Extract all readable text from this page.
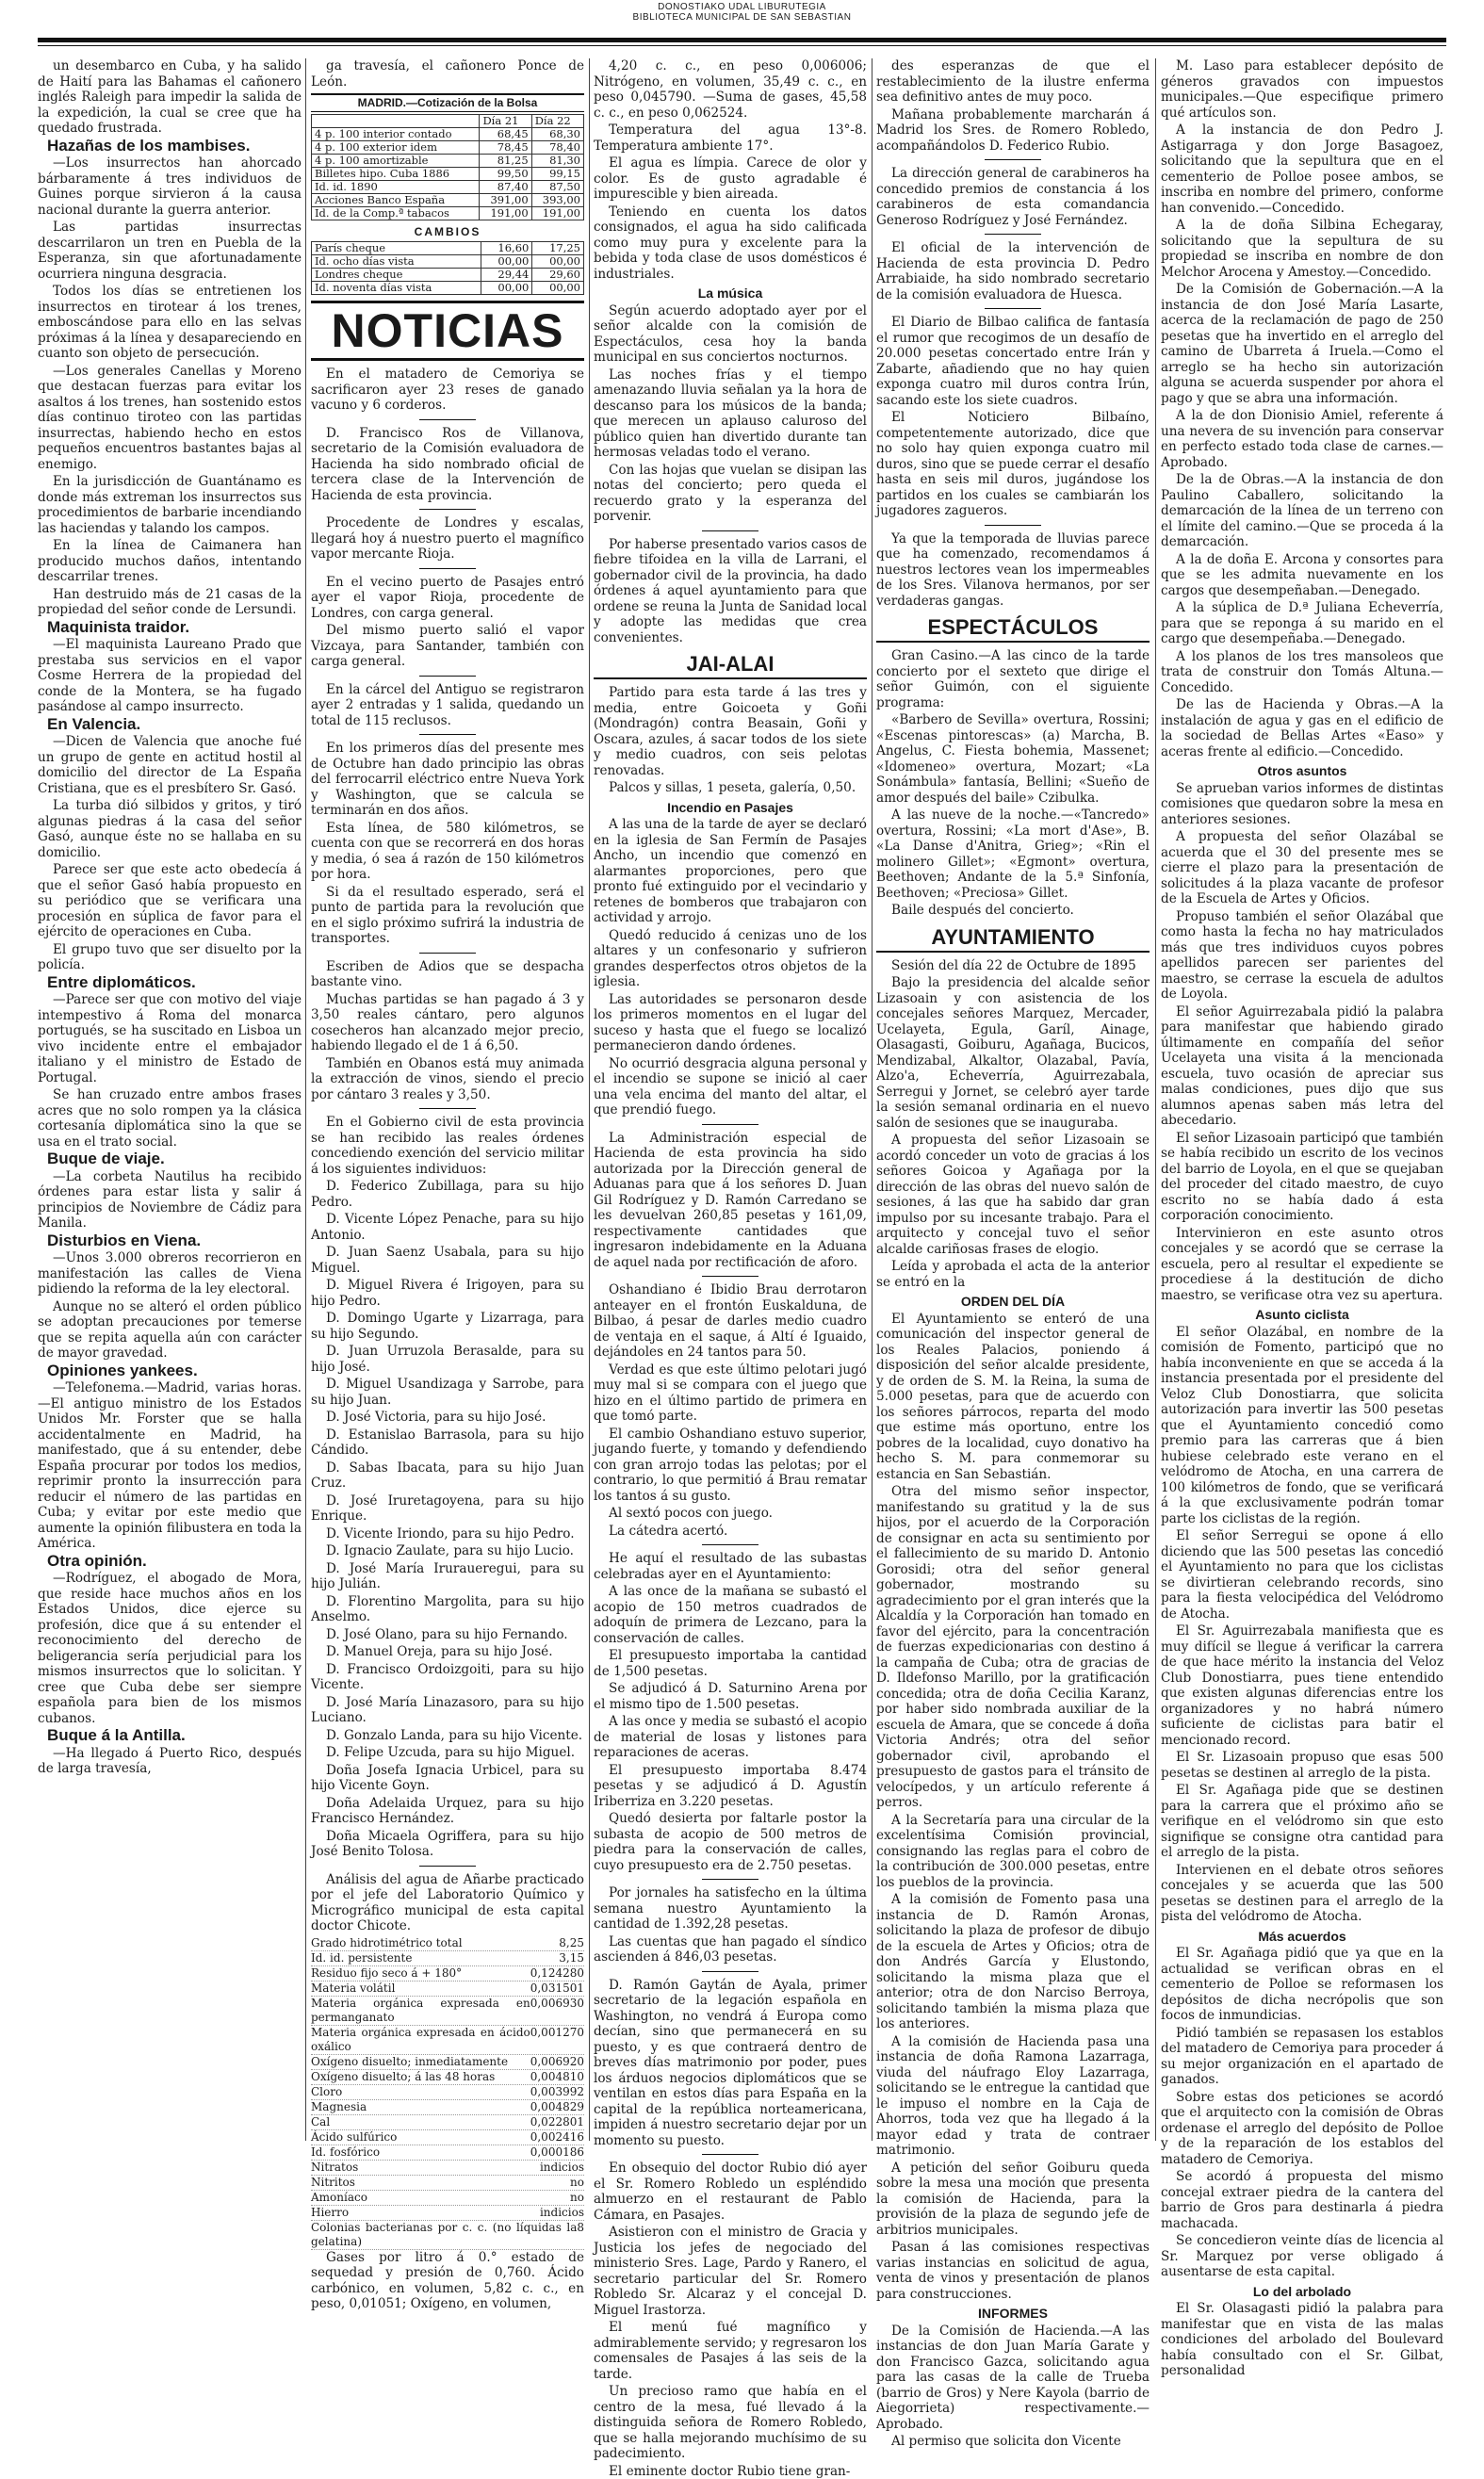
DONOSTIAKO UDAL LIBURUTEGIA
BIBLIOTECA MUNICIPAL DE SAN SEBASTIAN

un desembarco en Cuba, y ha salido de Haití para las Bahamas el cañonero inglés Raleigh para impedir la salida de la expedición, la cual se cree que ha quedado frustrada.

Hazañas de los mambises.

—Los insurrectos han ahorcado bárbaramente á tres individuos de Guines porque sirvieron á la causa nacional durante la guerra anterior.

Las partidas insurrectas descarrilaron un tren en Puebla de la Esperanza, sin que afortunadamente ocurriera ninguna desgracia.

Todos los días se entretienen los insurrectos en tirotear á los trenes, emboscándose para ello en las selvas próximas á la línea y desapareciendo en cuanto son objeto de persecución.

—Los generales Canellas y Moreno que destacan fuerzas para evitar los asaltos á los trenes, han sostenido estos días continuo tiroteo con las partidas insurrectas, habiendo hecho en estos pequeños encuentros bastantes bajas al enemigo.

En la jurisdicción de Guantánamo es donde más extreman los insurrectos sus procedimientos de barbarie incendiando las haciendas y talando los campos.

En la línea de Caimanera han producido muchos daños, intentando descarrilar trenes.

Han destruido más de 21 casas de la propiedad del señor conde de Lersundi.

Maquinista traidor.

—El maquinista Laureano Prado que prestaba sus servicios en el vapor Cosme Herrera de la propiedad del conde de la Montera, se ha fugado pasándose al campo insurrecto.

En Valencia.

—Dicen de Valencia que anoche fué un grupo de gente en actitud hostil al domicilio del director de La España Cristiana, que es el presbítero Sr. Gasó.

La turba dió silbidos y gritos, y tiró algunas piedras á la casa del señor Gasó, aunque éste no se hallaba en su domicilio.

Parece ser que este acto obedecía á que el señor Gasó había propuesto en su periódico que se verificara una procesión en súplica de favor para el ejército de operaciones en Cuba.

El grupo tuvo que ser disuelto por la policía.

Entre diplomáticos.

—Parece ser que con motivo del viaje intempestivo á Roma del monarca portugués, se ha suscitado en Lisboa un vivo incidente entre el embajador italiano y el ministro de Estado de Portugal.

Se han cruzado entre ambos frases acres que no solo rompen ya la clásica cortesanía diplomática sino la que se usa en el trato social.

Buque de viaje.

—La corbeta Nautilus ha recibido órdenes para estar lista y salir á principios de Noviembre de Cádiz para Manila.

Disturbios en Viena.

—Unos 3.000 obreros recorrieron en manifestación las calles de Viena pidiendo la reforma de la ley electoral.

Aunque no se alteró el orden público se adoptan precauciones por temerse que se repita aquella aún con carácter de mayor gravedad.

Opiniones yankees.

—Telefonema.—Madrid, varias horas.—El antiguo ministro de los Estados Unidos Mr. Forster que se halla accidentalmente en Madrid, ha manifestado, que á su entender, debe España procurar por todos los medios, reprimir pronto la insurrección para reducir el número de las partidas en Cuba; y evitar por este medio que aumente la opinión filibustera en toda la América.

Otra opinión.

—Rodríguez, el abogado de Mora, que reside hace muchos años en los Estados Unidos, dice ejerce su profesión, dice que á su entender el reconocimiento del derecho de beligerancia sería perjudicial para los mismos insurrectos que lo solicitan. Y cree que Cuba debe ser siempre española para bien de los mismos cubanos.

Buque á la Antilla.

—Ha llegado á Puerto Rico, después de larga travesía,

ga travesía, el cañonero Ponce de León.

MADRID.—Cotización de la Bolsa
	Día 21	Día 22
4 p. 100 interior contado	68,45	68,30
4 p. 100 exterior idem	78,45	78,40
4 p. 100 amortizable	81,25	81,30
Billetes hipo. Cuba 1886	99,50	99,15
Id. id. 1890	87,40	87,50
Acciones Banco España	391,00	393,00
Id. de la Comp.ª tabacos	191,00	191,00
CAMBIOS
París cheque	16,60	17,25
Id. ocho días vista	00,00	00,00
Londres cheque	29,44	29,60
Id. noventa días vista	00,00	00,00
NOTICIAS

En el matadero de Cemoriya se sacrificaron ayer 23 reses de ganado vacuno y 6 corderos.

D. Francisco Ros de Villanova, secretario de la Comisión evaluadora de Hacienda ha sido nombrado oficial de tercera clase de la Intervención de Hacienda de esta provincia.

Procedente de Londres y escalas, llegará hoy á nuestro puerto el magnífico vapor mercante Rioja.

En el vecino puerto de Pasajes entró ayer el vapor Rioja, procedente de Londres, con carga general.

Del mismo puerto salió el vapor Vizcaya, para Santander, también con carga general.

En la cárcel del Antiguo se registraron ayer 2 entradas y 1 salida, quedando un total de 115 reclusos.

En los primeros días del presente mes de Octubre han dado principio las obras del ferrocarril eléctrico entre Nueva York y Washington, que se calcula se terminarán en dos años.

Esta línea, de 580 kilómetros, se cuenta con que se recorrerá en dos horas y media, ó sea á razón de 150 kilómetros por hora.

Si da el resultado esperado, será el punto de partida para la revolución que en el siglo próximo sufrirá la industria de transportes.

Escriben de Adios que se despacha bastante vino.

Muchas partidas se han pagado á 3 y 3,50 reales cántaro, pero algunos cosecheros han alcanzado mejor precio, habiendo llegado el de 1 á 6,50.

También en Obanos está muy animada la extracción de vinos, siendo el precio por cántaro 3 reales y 3,50.

En el Gobierno civil de esta provincia se han recibido las reales órdenes concediendo exención del servicio militar á los siguientes individuos:

D. Federico Zubillaga, para su hijo Pedro.

D. Vicente López Penache, para su hijo Antonio.

D. Juan Saenz Usabala, para su hijo Miguel.

D. Miguel Rivera é Irigoyen, para su hijo Pedro.

D. Domingo Ugarte y Lizarraga, para su hijo Segundo.

D. Juan Urruzola Berasalde, para su hijo José.

D. Miguel Usandizaga y Sarrobe, para su hijo Juan.

D. José Victoria, para su hijo José.

D. Estanislao Barrasola, para su hijo Cándido.

D. Sabas Ibacata, para su hijo Juan Cruz.

D. José Iruretagoyena, para su hijo Enrique.

D. Vicente Iriondo, para su hijo Pedro.

D. Ignacio Zaulate, para su hijo Lucio.

D. José María Iruraueregui, para su hijo Julián.

D. Florentino Margolita, para su hijo Anselmo.

D. José Olano, para su hijo Fernando.

D. Manuel Oreja, para su hijo José.

D. Francisco Ordoizgoiti, para su hijo Vicente.

D. José María Linazasoro, para su hijo Luciano.

D. Gonzalo Landa, para su hijo Vicente.

D. Felipe Uzcuda, para su hijo Miguel.

Doña Josefa Ignacia Urbicel, para su hijo Vicente Goyn.

Doña Adelaida Urquez, para su hijo Francisco Hernández.

Doña Micaela Ogriffera, para su hijo José Benito Tolosa.

Análisis del agua de Añarbe practicado por el jefe del Laboratorio Químico y Micrográfico municipal de esta capital doctor Chicote.

Grado hidrotimétrico total	8,25
Id. id. persistente	3,15
Residuo fijo seco á + 180°	0,124280
Materia volátil	0,031501
Materia orgánica expresada en permanganato
0,006930
Materia orgánica expresada en ácido oxálico
0,001270
Oxígeno disuelto; inmediatamente 0,006920
Oxígeno disuelto; á las 48 horas	0,004810
Cloro	0,003992
Magnesia	0,004829
Cal	0,022801
Ácido sulfúrico	0,002416
Id. fosfórico	0,000186
Nitratos	indicios
Nitritos	no
Amoníaco	no
Hierro	indicios
Colonias bacterianas por c. c. (no líquidas la gelatina)
8

Gases por litro á 0.° estado de sequedad y presión de 0,760. Ácido carbónico, en volumen, 5,82 c. c., en peso, 0,01051; Oxígeno, en volumen,

4,20 c. c., en peso 0,006006; Nitrógeno, en volumen, 35,49 c. c., en peso 0,045790. —Suma de gases, 45,58 c. c., en peso 0,062524.

Temperatura del agua 13°-8. Temperatura ambiente 17°.

El agua es límpia. Carece de olor y color. Es de gusto agradable é impurescible y bien aireada.

Teniendo en cuenta los datos consignados, el agua ha sido calificada como muy pura y excelente para la bebida y toda clase de usos domésticos é industriales.

La música

Según acuerdo adoptado ayer por el señor alcalde con la comisión de Espectáculos, cesa hoy la banda municipal en sus conciertos nocturnos.

Las noches frías y el tiempo amenazando lluvia señalan ya la hora de descanso para los músicos de la banda; que merecen un aplauso caluroso del público quien han divertido durante tan hermosas veladas todo el verano.

Con las hojas que vuelan se disipan las notas del concierto; pero queda el recuerdo grato y la esperanza del porvenir.

Por haberse presentado varios casos de fiebre tifoidea en la villa de Larrani, el gobernador civil de la provincia, ha dado órdenes á aquel ayuntamiento para que ordene se reuna la Junta de Sanidad local y adopte las medidas que crea convenientes.

JAI-ALAI

Partido para esta tarde á las tres y media, entre Goicoeta y Goñi (Mondragón) contra Beasain, Goñi y Oscara, azules, á sacar todos de los siete y medio cuadros, con seis pelotas renovadas.

Palcos y sillas, 1 peseta, galería, 0,50.

Incendio en Pasajes

A las una de la tarde de ayer se declaró en la iglesia de San Fermín de Pasajes Ancho, un incendio que comenzó en alarmantes proporciones, pero que pronto fué extinguido por el vecindario y retenes de bomberos que trabajaron con actividad y arrojo.

Quedó reducido á cenizas uno de los altares y un confesonario y sufrieron grandes desperfectos otros objetos de la iglesia.

Las autoridades se personaron desde los primeros momentos en el lugar del suceso y hasta que el fuego se localizó permanecieron dando órdenes.

No ocurrió desgracia alguna personal y el incendio se supone se inició al caer una vela encima del manto del altar, el que prendió fuego.

La Administración especial de Hacienda de esta provincia ha sido autorizada por la Dirección general de Aduanas para que á los señores D. Juan Gil Rodríguez y D. Ramón Carredano se les devuelvan 260,85 pesetas y 161,09, respectivamente cantidades que ingresaron indebidamente en la Aduana de aquel nada por rectificación de aforo.

Oshandiano é Ibidio Brau derrotaron anteayer en el frontón Euskalduna, de Bilbao, á pesar de darles medio cuadro de ventaja en el saque, á Altí é Iguaido, dejándoles en 24 tantos para 50.

Verdad es que este último pelotari jugó muy mal si se compara con el juego que hizo en el último partido de primera en que tomó parte.

El cambio Oshandiano estuvo superior, jugando fuerte, y tomando y defendiendo con gran arrojo todas las pelotas; por el contrario, lo que permitió á Brau rematar los tantos á su gusto.

Al sextó pocos con juego.

La cátedra acertó.

He aquí el resultado de las subastas celebradas ayer en el Ayuntamiento:

A las once de la mañana se subastó el acopio de 150 metros cuadrados de adoquín de primera de Lezcano, para la conservación de calles.

El presupuesto importaba la cantidad de 1,500 pesetas.

Se adjudicó á D. Saturnino Arena por el mismo tipo de 1.500 pesetas.

A las once y media se subastó el acopio de material de losas y listones para reparaciones de aceras.

El presupuesto importaba 8.474 pesetas y se adjudicó á D. Agustín Iriberriza en 3.220 pesetas.

Quedó desierta por faltarle postor la subasta de acopio de 500 metros de piedra para la conservación de calles, cuyo presupuesto era de 2.750 pesetas.

Por jornales ha satisfecho en la última semana nuestro Ayuntamiento la cantidad de 1.392,28 pesetas.

Las cuentas que han pagado el síndico ascienden á 846,03 pesetas.

D. Ramón Gaytán de Ayala, primer secretario de la legación española en Washington, no vendrá á Europa como decían, sino que permanecerá en su puesto, y es que contraerá dentro de breves días matrimonio por poder, pues los árduos negocios diplomáticos que se ventilan en estos días para España en la capital de la república norteamericana, impiden á nuestro secretario dejar por un momento su puesto.

En obsequio del doctor Rubio dió ayer el Sr. Romero Robledo un espléndido almuerzo en el restaurant de Pablo Cámara, en Pasajes.

Asistieron con el ministro de Gracia y Justicia los jefes de negociado del ministerio Sres. Lage, Pardo y Ranero, el secretario particular del Sr. Romero Robledo Sr. Alcaraz y el concejal D. Miguel Irastorza.

El menú fué magnífico y admirablemente servido; y regresaron los comensales de Pasajes á las seis de la tarde.

Un precioso ramo que había en el centro de la mesa, fué llevado á la distinguida señora de Romero Robledo, que se halla mejorando muchísimo de su padecimiento.

El eminente doctor Rubio tiene gran-

des esperanzas de que el restablecimiento de la ilustre enferma sea definitivo antes de muy poco.

Mañana probablemente marcharán á Madrid los Sres. de Romero Robledo, acompañándolos D. Federico Rubio.

La dirección general de carabineros ha concedido premios de constancia á los carabineros de esta comandancia Generoso Rodríguez y José Fernández.

El oficial de la intervención de Hacienda de esta provincia D. Pedro Arrabiaide, ha sido nombrado secretario de la comisión evaluadora de Huesca.

El Diario de Bilbao califica de fantasía el rumor que recogimos de un desafío de 20.000 pesetas concertado entre Irán y Zabarte, añadiendo que no hay quien exponga cuatro mil duros contra Irún, sacando este los siete cuadros.

El Noticiero Bilbaíno, competentemente autorizado, dice que no solo hay quien exponga cuatro mil duros, sino que se puede cerrar el desafío hasta en seis mil duros, jugándose los partidos en los cuales se cambiarán los jugadores zagueros.

Ya que la temporada de lluvias parece que ha comenzado, recomendamos á nuestros lectores vean los impermeables de los Sres. Vilanova hermanos, por ser verdaderas gangas.

ESPECTÁCULOS

Gran Casino.—A las cinco de la tarde concierto por el sexteto que dirige el señor Guimón, con el siguiente programa:

«Barbero de Sevilla» overtura, Rossini; «Escenas pintorescas» (a) Marcha, B. Angelus, C. Fiesta bohemia, Massenet; «Idomeneo» overtura, Mozart; «La Sonámbula» fantasía, Bellini; «Sueño de amor después del baile» Czibulka.

A las nueve de la noche.—«Tancredo» overtura, Rossini; «La mort d'Ase», B. «La Danse d'Anitra, Grieg»; «Rin el molinero Gillet»; «Egmont» overtura, Beethoven; Andante de la 5.ª Sinfonía, Beethoven; «Preciosa» Gillet.

Baile después del concierto.

AYUNTAMIENTO

Sesión del día 22 de Octubre de 1895

Bajo la presidencia del alcalde señor Lizasoain y con asistencia de los concejales señores Marquez, Mercader, Ucelayeta, Egula, Garíl, Ainage, Olasagasti, Goiburu, Agañaga, Bucicos, Mendizabal, Alkaltor, Olazabal, Pavía, Alzo'a, Echeverría, Aguirrezabala, Serregui y Jornet, se celebró ayer tarde la sesión semanal ordinaria en el nuevo salón de sesiones que se inauguraba.

A propuesta del señor Lizasoain se acordó conceder un voto de gracias á los señores Goicoa y Agañaga por la dirección de las obras del nuevo salón de sesiones, á las que ha sabido dar gran impulso por su incesante trabajo. Para el arquitecto y concejal tuvo el señor alcalde cariñosas frases de elogio.

Leída y aprobada el acta de la anterior se entró en la

ORDEN DEL DÍA

El Ayuntamiento se enteró de una comunicación del inspector general de los Reales Palacios, poniendo á disposición del señor alcalde presidente, y de orden de S. M. la Reina, la suma de 5.000 pesetas, para que de acuerdo con los señores párrocos, reparta del modo que estime más oportuno, entre los pobres de la localidad, cuyo donativo ha hecho S. M. para conmemorar su estancia en San Sebastián.

Otra del mismo señor inspector, manifestando su gratitud y la de sus hijos, por el acuerdo de la Corporación de consignar en acta su sentimiento por el fallecimiento de su marido D. Antonio Gorosidi; otra del señor general gobernador, mostrando su agradecimiento por el gran interés que la Alcaldía y la Corporación han tomado en favor del ejército, para la concentración de fuerzas expedicionarias con destino á la campaña de Cuba; otra de gracias de D. Ildefonso Marillo, por la gratificación concedida; otra de doña Cecilia Karanz, por haber sido nombrada auxiliar de la escuela de Amara, que se concede á doña Victoria Andrés; otra del señor gobernador civil, aprobando el presupuesto de gastos para el tránsito de velocípedos, y un artículo referente á perros.

A la Secretaría para una circular de la excelentísima Comisión provincial, consignando las reglas para el cobro de la contribución de 300.000 pesetas, entre los pueblos de la provincia.

A la comisión de Fomento pasa una instancia de D. Ramón Aronas, solicitando la plaza de profesor de dibujo de la escuela de Artes y Oficios; otra de don Andrés García y Elustondo, solicitando la misma plaza que el anterior; otra de don Narciso Berroya, solicitando también la misma plaza que los anteriores.

A la comisión de Hacienda pasa una instancia de doña Ramona Lazarraga, viuda del náufrago Eloy Lazarraga, solicitando se le entregue la cantidad que le impuso el nombre en la Caja de Ahorros, toda vez que ha llegado á la mayor edad y trata de contraer matrimonio.

A petición del señor Goiburu queda sobre la mesa una moción que presenta la comisión de Hacienda, para la provisión de la plaza de segundo jefe de arbitrios municipales.

Pasan á las comisiones respectivas varias instancias en solicitud de agua, venta de vinos y presentación de planos para construcciones.

INFORMES

De la Comisión de Hacienda.—A las instancias de don Juan María Garate y don Francisco Gazca, solicitando agua para las casas de la calle de Trueba (barrio de Gros) y Nere Kayola (barrio de Aiegorrieta) respectivamente.—Aprobado.

Al permiso que solicita don Vicente

M. Laso para establecer depósito de géneros gravados con impuestos municipales.—Que especifique primero qué artículos son.

A la instancia de don Pedro J. Astigarraga y don Jorge Basagoez, solicitando que la sepultura que en el cementerio de Polloe posee ambos, se inscriba en nombre del primero, conforme han convenido.—Concedido.

A la de doña Silbina Echegaray, solicitando que la sepultura de su propiedad se inscriba en nombre de don Melchor Arocena y Amestoy.—Concedido.

De la Comisión de Gobernación.—A la instancia de don José María Lasarte, acerca de la reclamación de pago de 250 pesetas que ha invertido en el arreglo del camino de Ubarreta á Iruela.—Como el arreglo se ha hecho sin autorización alguna se acuerda suspender por ahora el pago y que se abra una información.

A la de don Dionisio Amiel, referente á una nevera de su invención para conservar en perfecto estado toda clase de carnes.—Aprobado.

De la de Obras.—A la instancia de don Paulino Caballero, solicitando la demarcación de la línea de un terreno con el límite del camino.—Que se proceda á la demarcación.

A la de doña E. Arcona y consortes para que se les admita nuevamente en los cargos que desempeñaban.—Denegado.

A la súplica de D.ª Juliana Echeverría, para que se reponga á su marido en el cargo que desempeñaba.—Denegado.

A los planos de los tres mansoleos que trata de construir don Tomás Altuna.—Concedido.

De las de Hacienda y Obras.—A la instalación de agua y gas en el edificio de la sociedad de Bellas Artes «Easo» y aceras frente al edificio.—Concedido.

Otros asuntos

Se aprueban varios informes de distintas comisiones que quedaron sobre la mesa en anteriores sesiones.

A propuesta del señor Olazábal se acuerda que el 30 del presente mes se cierre el plazo para la presentación de solicitudes á la plaza vacante de profesor de la Escuela de Artes y Oficios.

Propuso también el señor Olazábal que como hasta la fecha no hay matriculados más que tres individuos cuyos pobres apellidos parecen ser parientes del maestro, se cerrase la escuela de adultos de Loyola.

El señor Aguirrezabala pidió la palabra para manifestar que habiendo girado últimamente en compañía del señor Ucelayeta una visita á la mencionada escuela, tuvo ocasión de apreciar sus malas condiciones, pues dijo que sus alumnos apenas saben más letra del abecedario.

El señor Lizasoain participó que también se había recibido un escrito de los vecinos del barrio de Loyola, en el que se quejaban del proceder del citado maestro, de cuyo escrito no se había dado á esta corporación conocimiento.

Intervinieron en este asunto otros concejales y se acordó que se cerrase la escuela, pero al resultar el expediente se procediese á la destitución de dicho maestro, se verificase otra vez su apertura.

Asunto ciclista

El señor Olazábal, en nombre de la comisión de Fomento, participó que no había inconveniente en que se acceda á la instancia presentada por el presidente del Veloz Club Donostiarra, que solicita autorización para invertir las 500 pesetas que el Ayuntamiento concedió como premio para las carreras que á bien hubiese celebrado este verano en el velódromo de Atocha, en una carrera de 100 kilómetros de fondo, que se verificará á la que exclusivamente podrán tomar parte los ciclistas de la región.

El señor Serregui se opone á ello diciendo que las 500 pesetas las concedió el Ayuntamiento no para que los ciclistas se divirtieran celebrando records, sino para la fiesta velocipédica del Velódromo de Atocha.

El Sr. Aguirrezabala manifiesta que es muy difícil se llegue á verificar la carrera de que hace mérito la instancia del Veloz Club Donostiarra, pues tiene entendido que existen algunas diferencias entre los organizadores y no habrá número suficiente de ciclistas para batir el mencionado record.

El Sr. Lizasoain propuso que esas 500 pesetas se destinen al arreglo de la pista.

El Sr. Agañaga pide que se destinen para la carrera que el próximo año se verifique en el velódromo sin que esto signifique se consigne otra cantidad para el arreglo de la pista.

Intervienen en el debate otros señores concejales y se acuerda que las 500 pesetas se destinen para el arreglo de la pista del velódromo de Atocha.

Más acuerdos

El Sr. Agañaga pidió que ya que en la actualidad se verifican obras en el cementerio de Polloe se reformasen los depósitos de dicha necrópolis que son focos de inmundicias.

Pidió también se repasasen los establos del matadero de Cemoriya para proceder á su mejor organización en el apartado de ganados.

Sobre estas dos peticiones se acordó que el arquitecto con la comisión de Obras ordenase el arreglo del depósito de Polloe y de la reparación de los establos del matadero de Cemoriya.

Se acordó á propuesta del mismo concejal extraer piedra de la cantera del barrio de Gros para destinarla á piedra machacada.

Se concedieron veinte días de licencia al Sr. Marquez por verse obligado á ausentarse de esta capital.

Lo del arbolado

El Sr. Olasagasti pidió la palabra para manifestar que en vista de las malas condiciones del arbolado del Boulevard había consultado con el Sr. Gilbat, personalidad
